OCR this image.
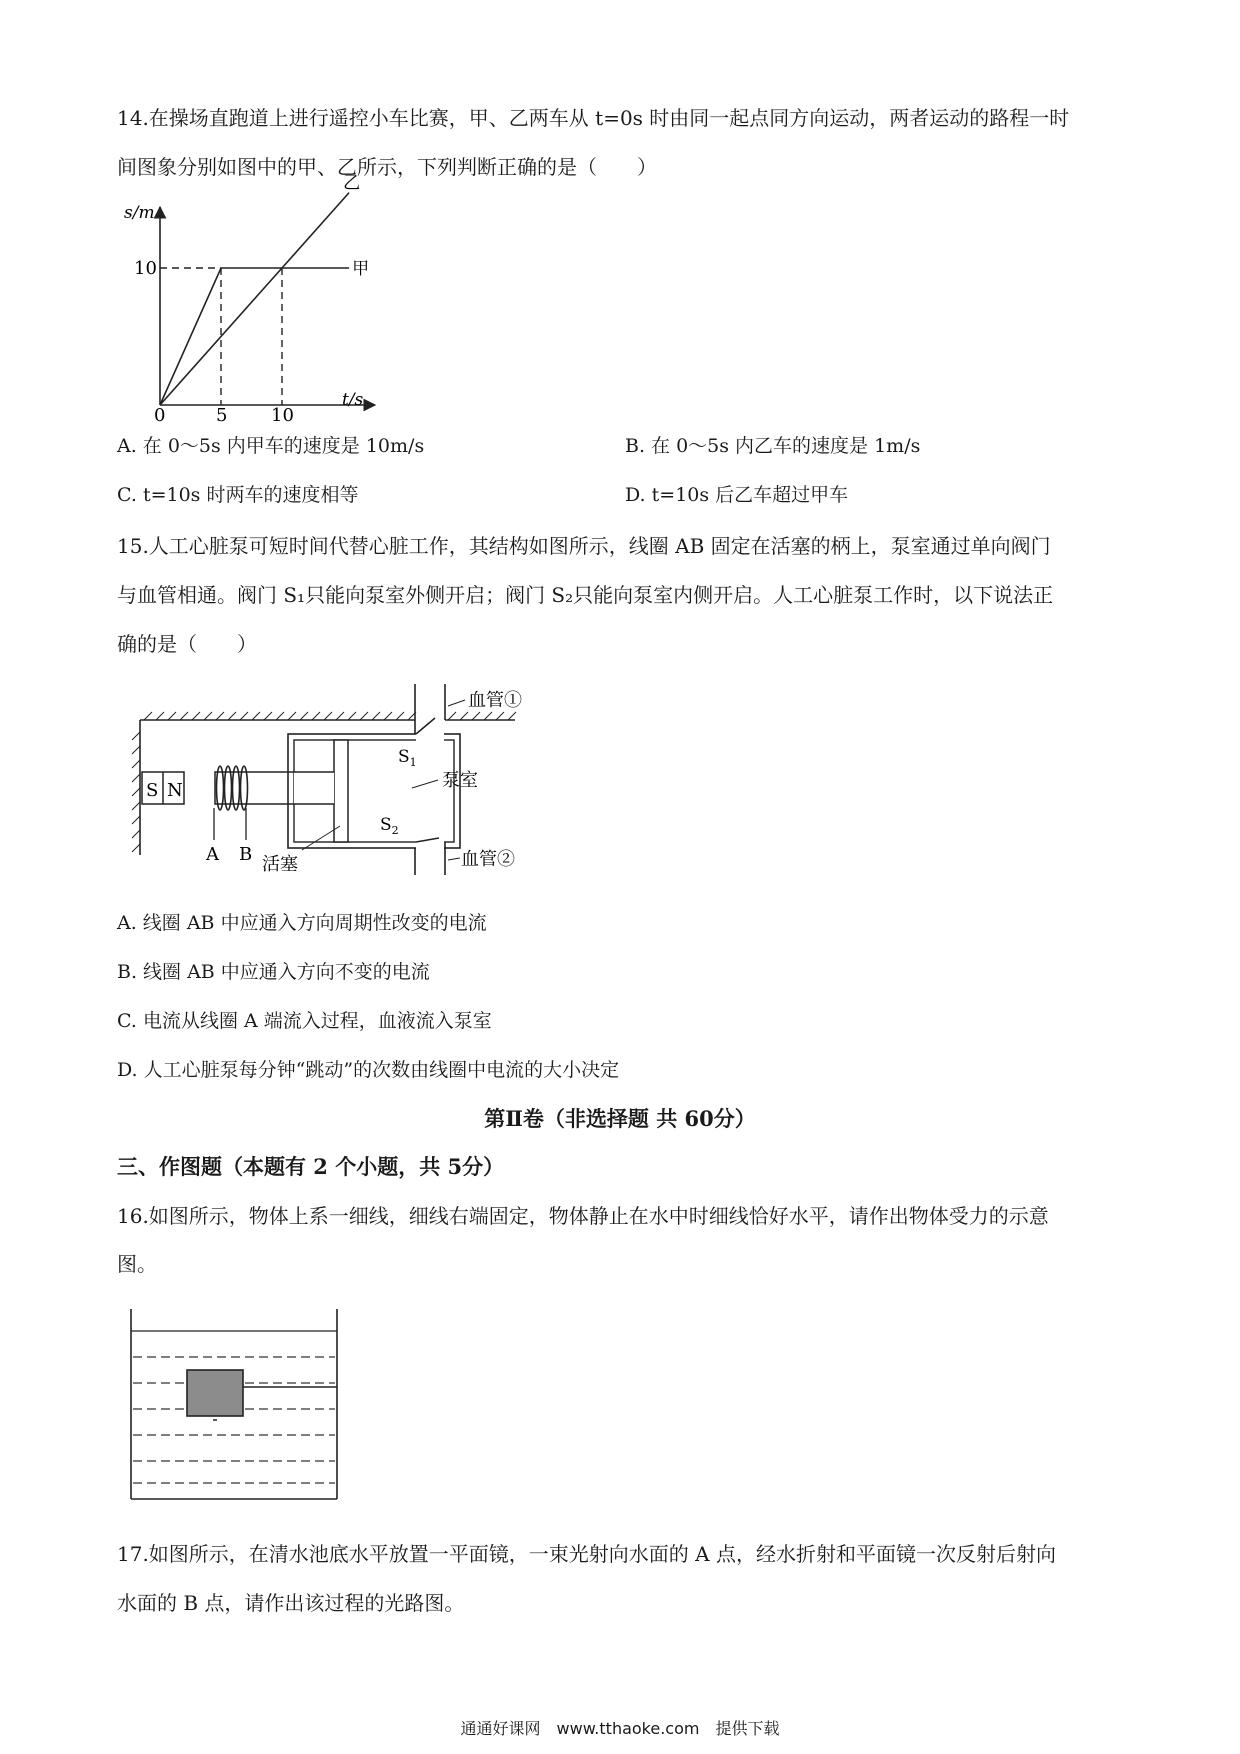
14.在操场直跑道上进行遥控小车比赛，甲、乙两车从 t=0s 时由同一起点同方向运动，两者运动的路程一时
间图象分别如图中的甲、乙所示，下列判断正确的是（　　）
s/m
t/s
0	5 10
10	甲
乙
A. 在 0～5s 内甲车的速度是 10m/s	B. 在 0～5s 内乙车的速度是 1m/s
C. t=10s 时两车的速度相等	D. t=10s 后乙车超过甲车
15.人工心脏泵可短时间代替心脏工作，其结构如图所示，线圈 AB 固定在活塞的柄上，泵室通过单向阀门
与血管相通。阀门 S₁只能向泵室外侧开启；阀门 S₂只能向泵室内侧开启。人工心脏泵工作时，以下说法正
确的是（　　）
S N
A B
$S_1$
血管①
$S_2$
血管②
泵室
活塞
A. 线圈 AB 中应通入方向周期性改变的电流
B. 线圈 AB 中应通入方向不变的电流
C. 电流从线圈 A 端流入过程，血液流入泵室
D. 人工心脏泵每分钟“跳动”的次数由线圈中电流的大小决定
第Ⅱ卷（非选择题 共 60分）
三、作图题（本题有 2 个小题，共 5分）
16.如图所示，物体上系一细线，细线右端固定，物体静止在水中时细线恰好水平，请作出物体受力的示意
图。
17.如图所示，在清水池底水平放置一平面镜，一束光射向水面的 A 点，经水折射和平面镜一次反射后射向
水面的 B 点，请作出该过程的光路图。
通通好课网　www.tthaoke.com　提供下载
